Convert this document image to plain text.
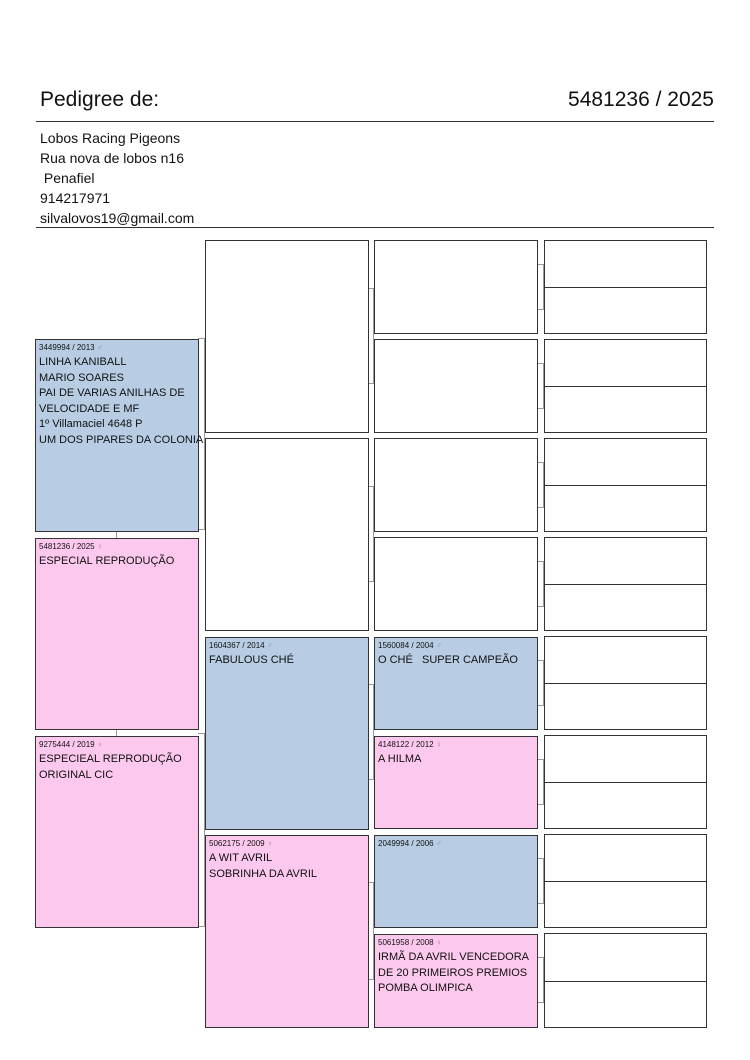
Pedigree de:	5481236 / 2025
Lobos Racing Pigeons
Rua nova de lobos n16
Penafiel
914217971
silvalovos19@gmail.com
3449994 / 2013 ♂
LINHA KANIBALL
MARIO SOARES
PAI DE VARIAS ANILHAS DE
VELOCIDADE E MF
1º Villamaciel 4648 P
UM DOS PIPARES DA COLONIA
5481236 / 2025 ♀
ESPECIAL REPRODUÇÃO
9275444 / 2019 ♀
ESPECIEAL REPRODUÇÃO
ORIGINAL CIC
1604367 / 2014 ♂
FABULOUS CHÉ
5062175 / 2009 ♀
A WIT AVRIL
SOBRINHA DA AVRIL
1560084 / 2004 ♂
O CHÉ   SUPER CAMPEÃO
4148122 / 2012 ♀
A HILMA
2049994 / 2006 ♂
5061958 / 2008 ♀
IRMÃ DA AVRIL VENCEDORA
DE 20 PRIMEIROS PREMIOS
POMBA OLIMPICA
